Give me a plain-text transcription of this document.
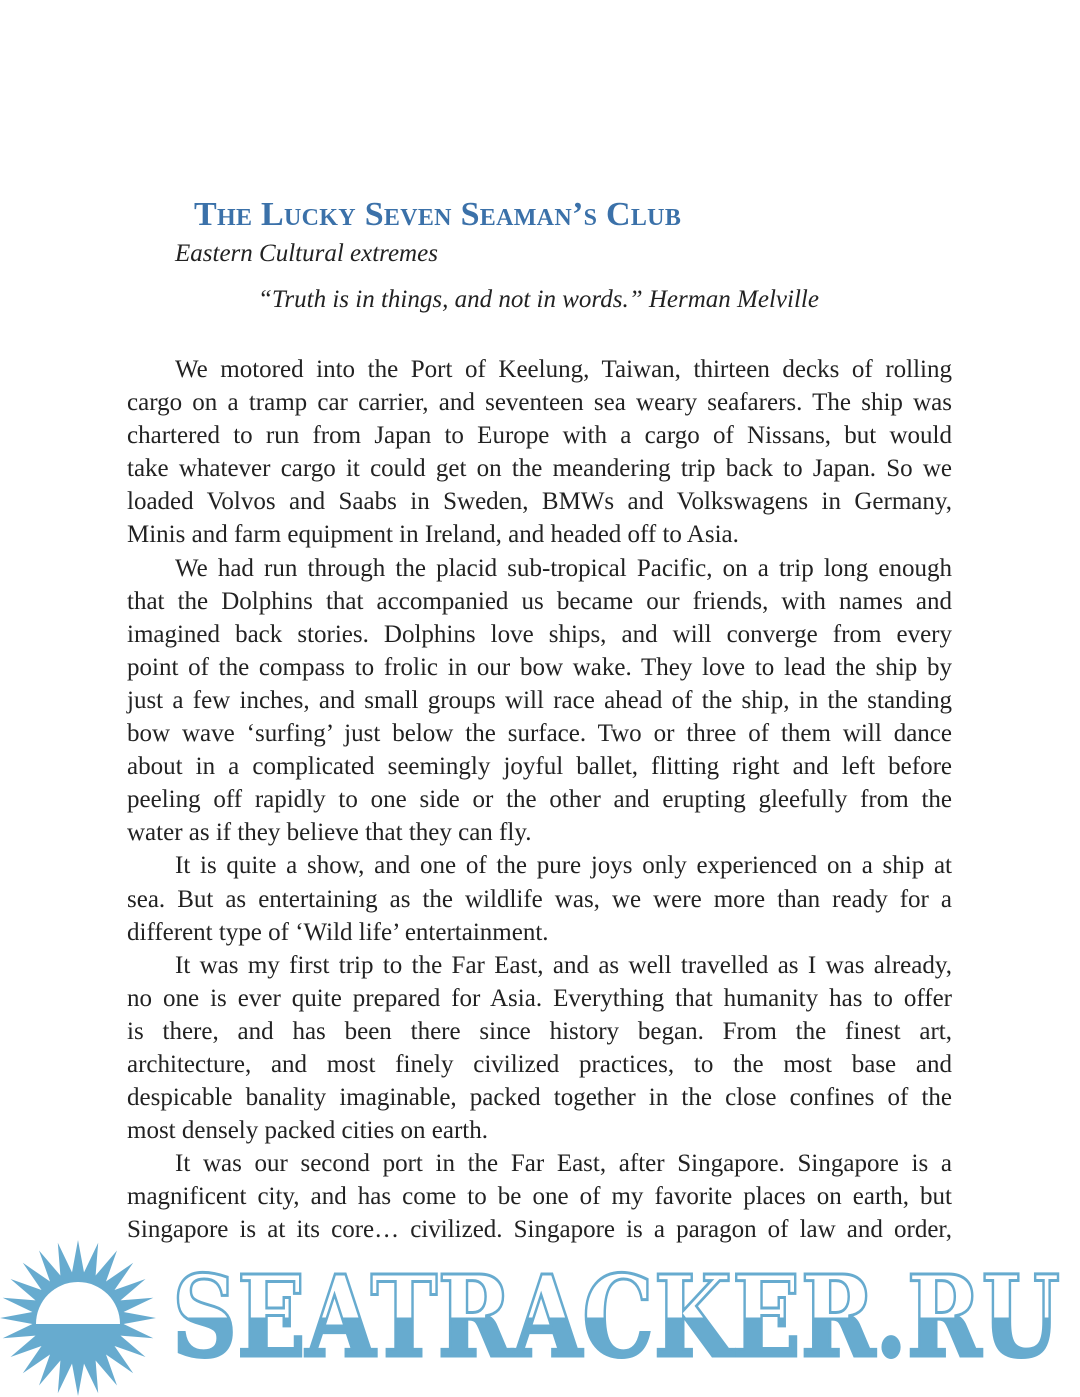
The Lucky Seven Seaman’s Club
Eastern Cultural extremes
“Truth is in things, and not in words.” Herman Melville
We motored into the Port of Keelung, Taiwan, thirteen decks of rolling
cargo on a tramp car carrier, and seventeen sea weary seafarers. The ship was
chartered to run from Japan to Europe with a cargo of Nissans, but would
take whatever cargo it could get on the meandering trip back to Japan. So we
loaded Volvos and Saabs in Sweden, BMWs and Volkswagens in Germany,
Minis and farm equipment in Ireland, and headed off to Asia.
We had run through the placid sub-tropical Pacific, on a trip long enough
that the Dolphins that accompanied us became our friends, with names and
imagined back stories. Dolphins love ships, and will converge from every
point of the compass to frolic in our bow wake. They love to lead the ship by
just a few inches, and small groups will race ahead of the ship, in the standing
bow wave ‘surfing’ just below the surface. Two or three of them will dance
about in a complicated seemingly joyful ballet, flitting right and left before
peeling off rapidly to one side or the other and erupting gleefully from the
water as if they believe that they can fly.
It is quite a show, and one of the pure joys only experienced on a ship at
sea. But as entertaining as the wildlife was, we were more than ready for a
different type of ‘Wild life’ entertainment.
It was my first trip to the Far East, and as well travelled as I was already,
no one is ever quite prepared for Asia. Everything that humanity has to offer
is there, and has been there since history began. From the finest art,
architecture, and most finely civilized practices, to the most base and
despicable banality imaginable, packed together in the close confines of the
most densely packed cities on earth.
It was our second port in the Far East, after Singapore. Singapore is a
magnificent city, and has come to be one of my favorite places on earth, but
Singapore is at its core… civilized. Singapore is a paragon of law and order,
SEATRACKER.RU
